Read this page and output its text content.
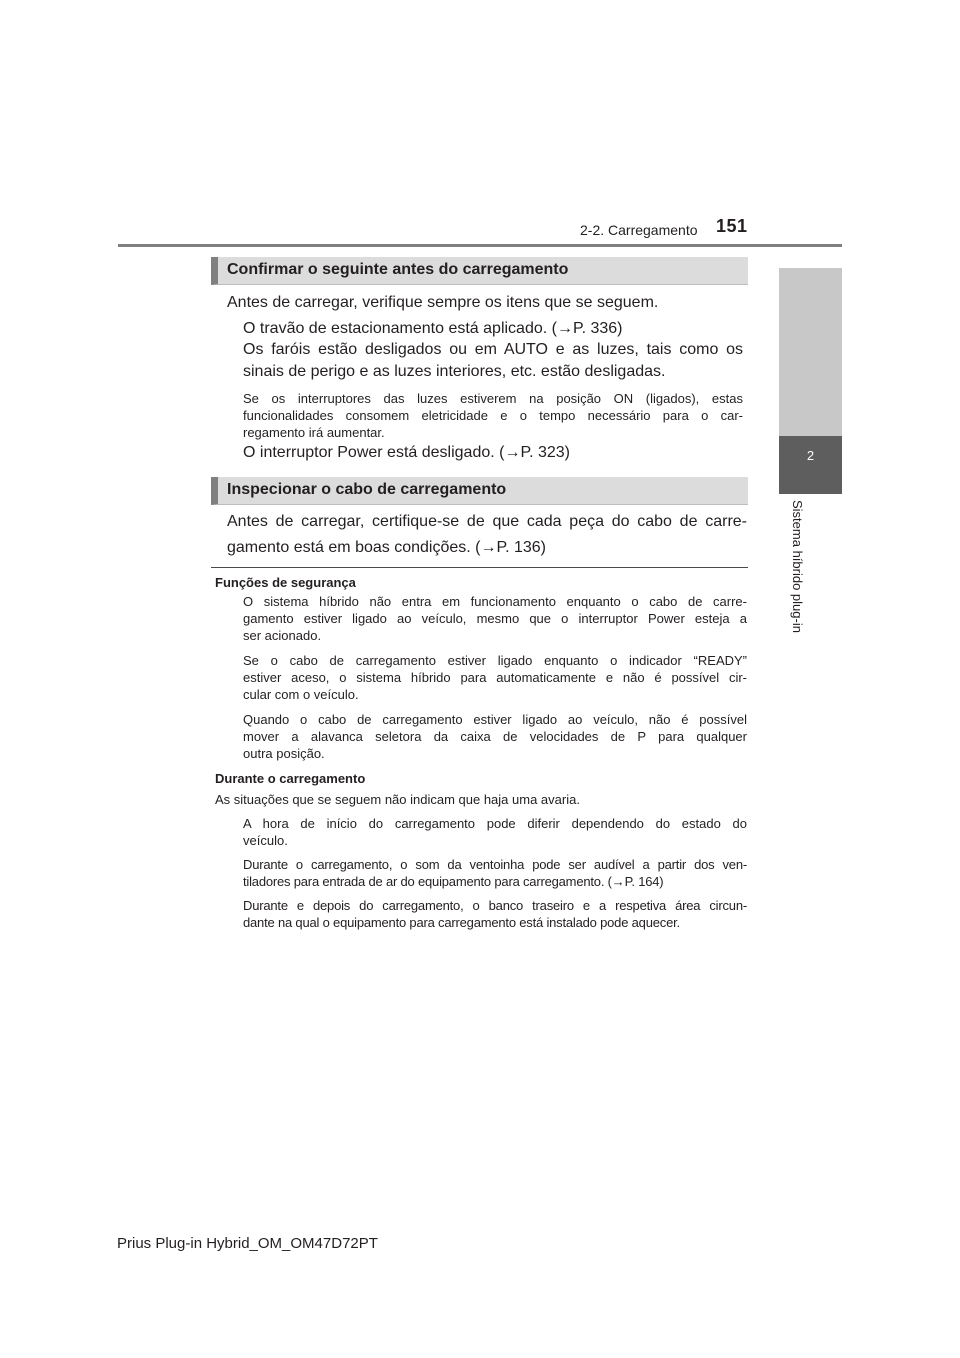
2-2. Carregamento 151
2
Sistema híbrido plug-in
Confirmar o seguinte antes do carregamento
Antes de carregar, verifique sempre os itens que se seguem.
O travão de estacionamento está aplicado. (→P. 336)
Os faróis estão desligados ou em AUTO e as luzes, tais como os
sinais de perigo e as luzes interiores, etc. estão desligadas.
Se os interruptores das luzes estiverem na posição ON (ligados), estas
funcionalidades consomem eletricidade e o tempo necessário para o car-
regamento irá aumentar.
O interruptor Power está desligado. (→P. 323)
Inspecionar o cabo de carregamento
Antes de carregar, certifique-se de que cada peça do cabo de carre-
gamento está em boas condições. (→P. 136)
Funções de segurança
O sistema híbrido não entra em funcionamento enquanto o cabo de carre-
gamento estiver ligado ao veículo, mesmo que o interruptor Power esteja a
ser acionado.
Se o cabo de carregamento estiver ligado enquanto o indicador “READY”
estiver aceso, o sistema híbrido para automaticamente e não é possível cir-
cular com o veículo.
Quando o cabo de carregamento estiver ligado ao veículo, não é possível
mover a alavanca seletora da caixa de velocidades de P para qualquer
outra posição.
Durante o carregamento
As situações que se seguem não indicam que haja uma avaria.
A hora de início do carregamento pode diferir dependendo do estado do
veículo.
Durante o carregamento, o som da ventoinha pode ser audível a partir dos ven-
tiladores para entrada de ar do equipamento para carregamento. (→P. 164)
Durante e depois do carregamento, o banco traseiro e a respetiva área circun-
dante na qual o equipamento para carregamento está instalado pode aquecer.
Prius Plug-in Hybrid_OM_OM47D72PT
